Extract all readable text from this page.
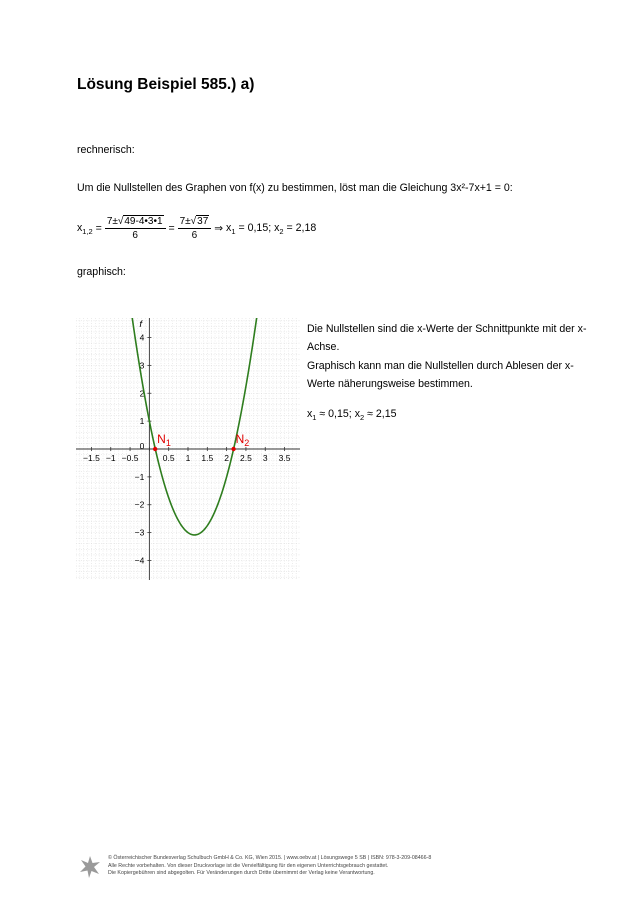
Lösung Beispiel 585.) a)
rechnerisch:
Um die Nullstellen des Graphen von f(x) zu bestimmen, löst man die Gleichung 3x²-7x+1 = 0:
$x_{1,2} = \frac{7\pm√49-4•3•1}{6} = \frac{7\pm√37}{6}$ ⇒ $x_1 = 0,15$; $x_2 = 2,18$
graphisch:
−1.5 −1 −0.5	0.5 1 1.5 2 2.5 3 3.5
−4
−3
−2
−1
0
1
2
3
4
f
$N_1$	$N_2$

Die Nullstellen sind die x-Werte der Schnittpunkte mit der x-Achse.

Graphisch kann man die Nullstellen durch Ablesen der x-Werte näherungsweise bestimmen.

$x_1 \approx 0,15$; $x_2 \approx 2,15$

© Österreichischer Bundesverlag Schulbuch GmbH & Co. KG, Wien 2015. | www.oebv.at | Lösungswege 5 SB | ISBN: 978-3-209-08466-8
Alle Rechte vorbehalten. Von dieser Druckvorlage ist die Vervielfältigung für den eigenen Unterrichtsgebrauch gestattet.
Die Kopiergebühren sind abgegolten. Für Veränderungen durch Dritte übernimmt der Verlag keine Verantwortung.
